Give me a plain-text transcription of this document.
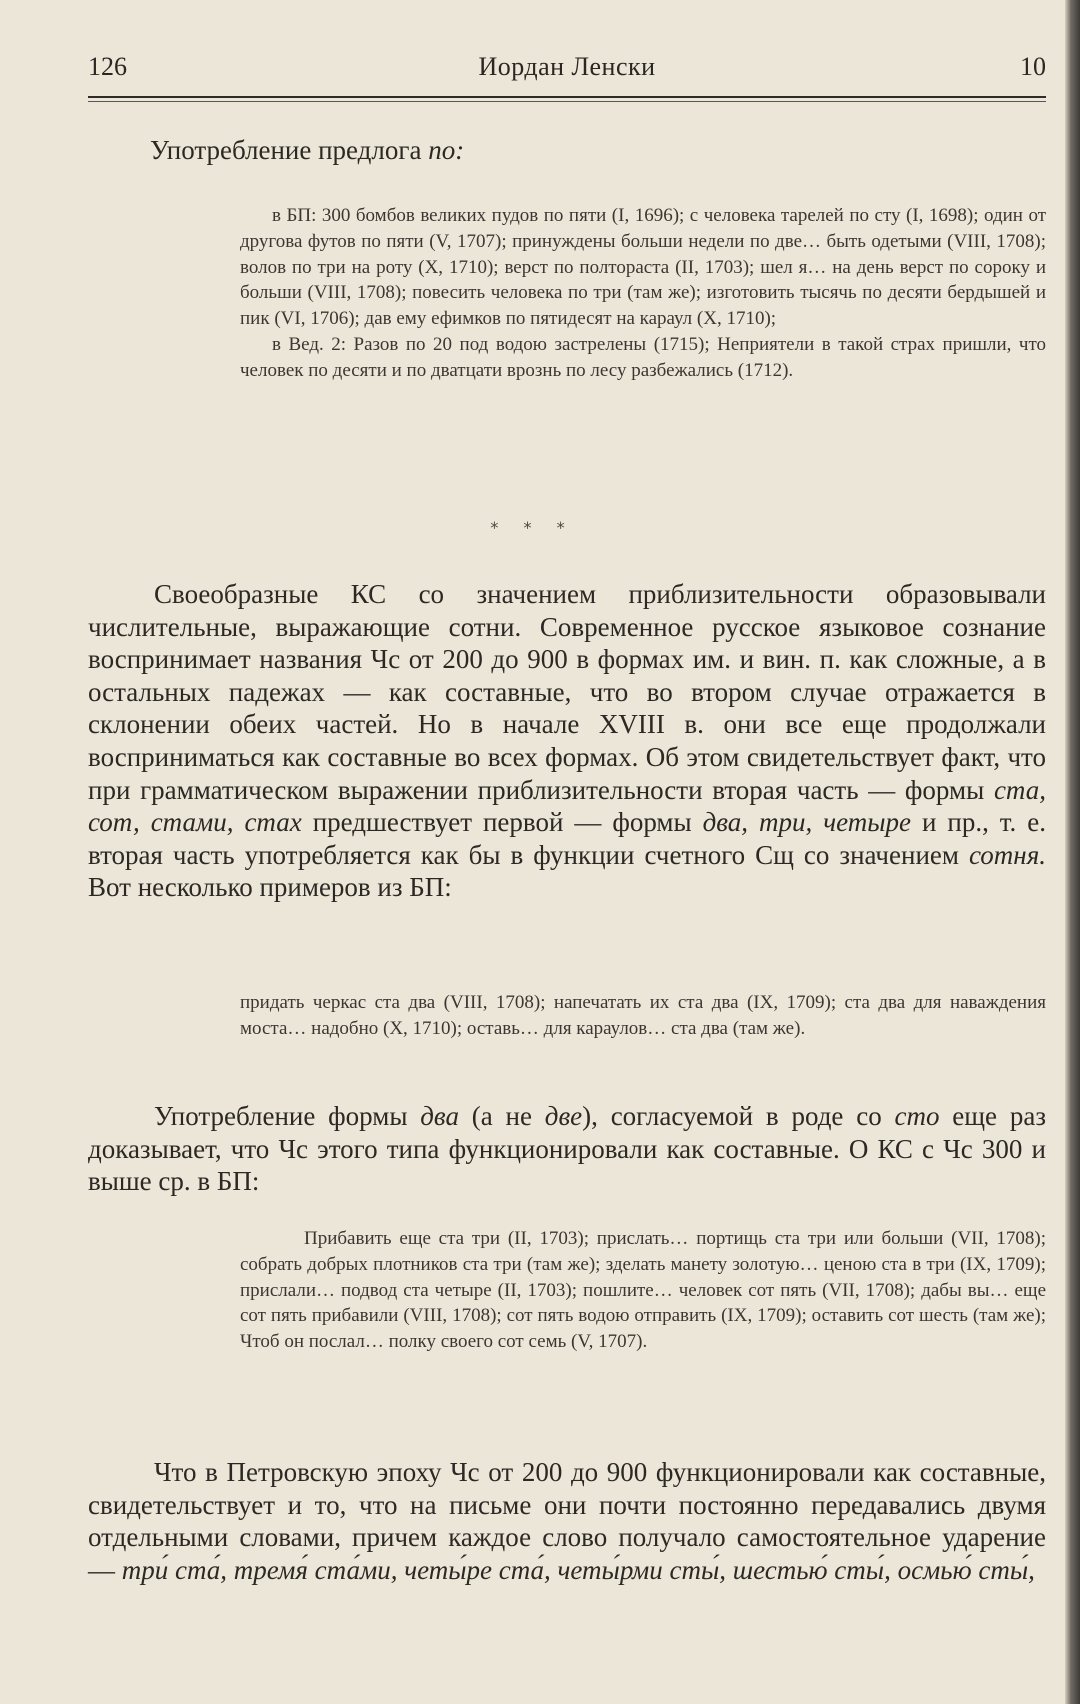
126	Иордан Ленски	10

Употребление предлога по:

в БП: 300 бомбов великих пудов по пяти (I, 1696); с человека тарелей по сту (I, 1698); один от другова футов по пяти (V, 1707); принуждены больши недели по две… быть одетыми (VIII, 1708); волов по три на роту (X, 1710); верст по полтораста (II, 1703); шел я… на день верст по сороку и больши (VIII, 1708); повесить человека по три (там же); изготовить тысячь по десяти бердышей и пик (VI, 1706); дав ему ефимков по пятидесят на караул (X, 1710);

в Вед. 2: Разов по 20 под водою застрелены (1715); Неприятели в такой страх пришли, что человек по десяти и по дватцати врознь по лесу разбежались (1712).

* * *

Своеобразные КС со значением приблизительности образовывали числительные, выражающие сотни. Современное русское языковое сознание воспринимает названия Чс от 200 до 900 в формах им. и вин. п. как сложные, а в остальных падежах — как составные, что во втором случае отражается в склонении обеих частей. Но в начале XVIII в. они все еще продолжали восприниматься как составные во всех формах. Об этом свидетельствует факт, что при грамматическом выражении приблизительности вторая часть — формы ста, сот, стами, стах предшествует первой — формы два, три, четыре и пр., т. е. вторая часть употребляется как бы в функции счетного Сщ со значением сотня. Вот несколько примеров из БП:

придать черкас ста два (VIII, 1708); напечатать их ста два (IX, 1709); ста два для наваждения моста… надобно (X, 1710); оставь… для караулов… ста два (там же).

Употребление формы два (а не две), согласуемой в роде со сто еще раз доказывает, что Чс этого типа функционировали как составные. О КС с Чс 300 и выше ср. в БП:

Прибавить еще ста три (II, 1703); прислать… портищь ста три или больши (VII, 1708); собрать добрых плотников ста три (там же); зделать манету золотую… ценою ста в три (IX, 1709); прислали… подвод ста четыре (II, 1703); пошлите… человек сот пять (VII, 1708); дабы вы… еще сот пять прибавили (VIII, 1708); сот пять водою отправить (IX, 1709); оставить сот шесть (там же); Чтоб он послал… полку своего сот семь (V, 1707).

Что в Петровскую эпоху Чс от 200 до 900 функционировали как составные, свидетельствует и то, что на письме они почти постоянно передавались двумя отдельными словами, причем каждое слово получало самостоятельное ударение — три́ ста́, тремя́ ста́ми, четы́ре ста́, четы́рми сты́, шестью́ сты́, осмью́ сты́,
